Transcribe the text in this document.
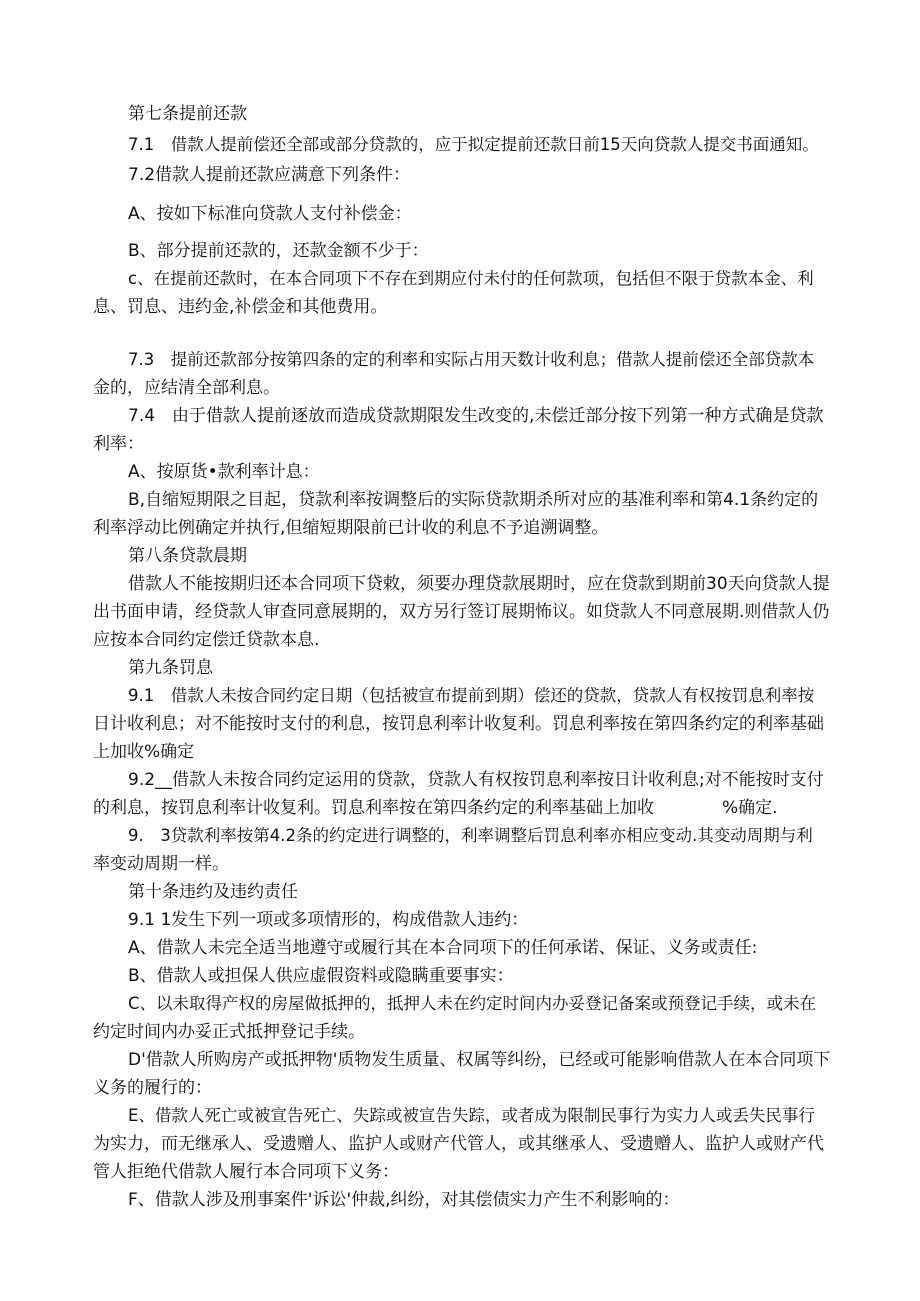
第七条提前还款
7.1　借款人提前偿还全部或部分贷款的，应于拟定提前还款日前15天向贷款人提交书面通知。
7.2借款人提前还款应满意下列条件：
A、按如下标准向贷款人支付补偿金：
B、部分提前还款的，还款金额不少于：
c、在提前还款时，在本合同项下不存在到期应付未付的任何款项，包括但不限于贷款本金、利
息、罚息、违约金,补偿金和其他费用。
7.3　提前还款部分按第四条的定的利率和实际占用天数计收利息；借款人提前偿还全部贷款本
金的，应结清全部利息。
7.4　由于借款人提前逐放而造成贷款期限发生改变的,未偿迁部分按下列第一种方式确是贷款
利率：
A、按原货•款利率计息：
B,自缩短期限之目起，贷款利率按调整后的实际贷款期杀所对应的基准利率和第4.1条约定的
利率浮动比例确定并执行,但缩短期限前已计收的利息不予追溯调整。
第八条贷款晨期
借款人不能按期归还本合同项下贷敕，须要办理贷款展期时，应在贷款到期前30天向贷款人提
出书面申请，经贷款人审查同意展期的，双方另行签订展期怖议。如贷款人不同意展期.则借款人仍
应按本合同约定偿迁贷款本息.
第九条罚息
9.1　借款人未按合同约定日期（包括被宣布提前到期）偿还的贷款，贷款人有权按罚息利率按
日计收利息；对不能按时支付的利息，按罚息利率计收复利。罚息利率按在第四条约定的利率基础
上加收%确定
9.2__借款人未按合同约定运用的贷款，贷款人有权按罚息利率按日计收利息;对不能按时支付
的利息，按罚息利率计收复利。罚息利率按在第四条约定的利率基础上加收	%确定.
9.　3贷款利率按第4.2条的约定进行调整的，利率调整后罚息利率亦相应变动.其变动周期与利
率变动周期一样。
第十条违约及违约责任
9.1 1发生下列一项或多项情形的，构成借款人违约：
A、借款人未完全适当地遵守或履行其在本合同项下的任何承诺、保证、义务或责任:
B、借款人或担保人供应虚假资料或隐瞒重要事实：
C、以未取得产权的房屋做抵押的，抵押人未在约定时间内办妥登记备案或预登记手续，或未在
约定时间内办妥正式抵押登记手续。
D'借款人所购房产或抵押物'质物发生质量、权属等纠纷，已经或可能影响借款人在本合同项下
义务的履行的：
E、借款人死亡或被宣告死亡、失踪或被宣告失踪，或者成为限制民事行为实力人或丢失民事行
为实力，而无继承人、受遗赠人、监护人或财产代管人，或其继承人、受遗赠人、监护人或财产代
管人拒绝代借款人履行本合同项下义务：
F、借款人涉及刑事案件'诉讼'仲裁,纠纷，对其偿债实力产生不利影响的：
